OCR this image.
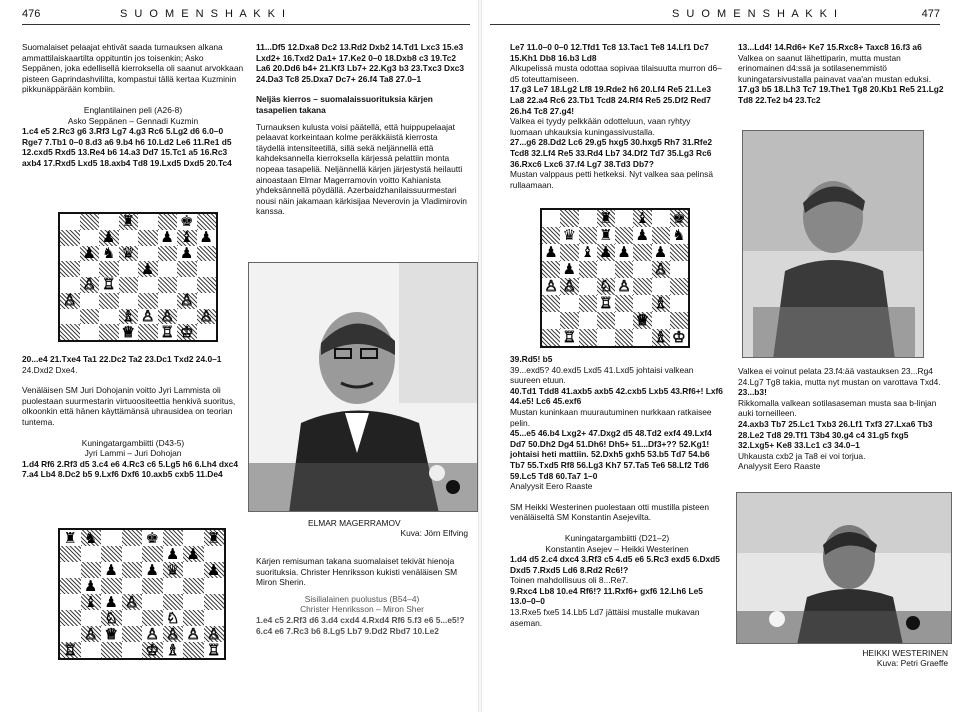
476	S U O M E N S H A K K I

Suomalaiset pelaajat ehtivät saada turnauksen alkana ammattilaiskaartilta oppituntin jos toisenkin; Asko Seppänen, joka edellisellä kierroksella oli saanut arvokkaan pisteen Gaprindashvililta, kompastui tällä kertaa Kuzminin pikkunäppärään kombiin.

Englantilainen peli (A26-8)

Asko Seppänen – Gennadi Kuzmin

1.c4 e5 2.Rc3 g6 3.Rf3 Lg7 4.g3 Rc6 5.Lg2 d6 6.0–0 Rge7 7.Tb1 0–0 8.d3 a6 9.b4 h6 10.Ld2 Le6 11.Re1 d5 12.cxd5 Rxd5 13.Re4 b6 14.a3 Dd7 15.Tc1 a5 16.Rc3 axb4 17.Rxd5 Lxd5 18.axb4 Td8 19.Lxd5 Dxd5 20.Tc4

♜	♚
♟	♟ ♝ ♟
♟ ♞ ♛	♟
♟
♙ ♖
♙	♙
♗ ♙ ♙ ♙
♕ ♖ ♔

20...e4 21.Txe4 Ta1 22.Dc2 Ta2 23.Dc1 Txd2 24.0–1

24.Dxd2 Dxe4.

Venäläisen SM Juri Dohojanin voitto Jyri Lammista oli puolestaan suurmestarin virtuoositeettia henkivä suoritus, olkoonkin että hänen käyttämänsä uhrausidea on teorian tuntema.

Kuningatargambiitti (D43-5)

Jyri Lammi – Juri Dohojan

1.d4 Rf6 2.Rf3 d5 3.c4 e6 4.Rc3 c6 5.Lg5 h6 6.Lh4 dxc4 7.a4 Lb4 8.Dc2 b5 9.Lxf6 Dxf6 10.axb5 cxb5 11.De4

♜ ♞	♚	♜
♟ ♟
♟ ♟ ♛ ♟
♟
♝ ♟ ♙
♘	♘
♙ ♕ ♙ ♙ ♙ ♙
♖	♔ ♗ ♖

11...Df5 12.Dxa8 Dc2 13.Rd2 Dxb2 14.Td1 Lxc3 15.e3 Lxd2+ 16.Txd2 Da1+ 17.Ke2 0–0 18.Dxb8 c3 19.Tc2 La6 20.Dd6 b4+ 21.Kf3 Lb7+ 22.Kg3 b3 23.Txc3 Dxc3 24.Da3 Tc8 25.Dxa7 Dc7+ 26.f4 Ta8 27.0–1

Neljäs kierros – suomalaissuorituksia kärjen tasapelien takana

Turnauksen kulusta voisi päätellä, että huippupelaajat pelaavat korkeintaan kolme peräkkäistä kierrosta täydellä intensiteetillä, sillä sekä neljännellä että kahdeksannella kierroksella kärjessä pelattiin monta nopeaa tasapeliä. Neljännellä kärjen järjestystä heilautti ainoastaan Elmar Magerramovin voitto Kahianista yhdeksännellä pöydällä. Azerbaidzhanilaissuurmestari nousi näin jakamaan kärkisijaa Neverovin ja Vladimirovin kanssa.

ELMAR MAGERRAMOV

Kuva: Jörn Elfving

Kärjen remisuman takana suomalaiset tekivät hienoja suorituksia. Christer Henriksson kukisti venäläisen SM Miron Sherin.

Sisilialainen puolustus (B54–4)

Christer Henriksson – Miron Sher

1.e4 c5 2.Rf3 d6 3.d4 cxd4 4.Rxd4 Rf6 5.f3 e6 5...e5!? 6.c4 e6 7.Rc3 b6 8.Lg5 Lb7 9.Dd2 Rbd7 10.Le2

S U O M E N S H A K K I	477

Le7 11.0–0 0–0 12.Tfd1 Tc8 13.Tac1 Te8 14.Lf1 Dc7 15.Kh1 Db8 16.b3 Ld8

Alkupelissä musta odottaa sopivaa tilaisuutta murron d6–d5 toteuttamiseen.

17.g3 Le7 18.Lg2 Lf8 19.Rde2 h6 20.Lf4 Re5 21.Le3 La8 22.a4 Rc6 23.Tb1 Tcd8 24.Rf4 Re5 25.Df2 Red7 26.h4 Tc8 27.g4!

Valkea ei tyydy pelkkään odotteluun, vaan ryhtyy luomaan uhkauksia kuningassivustalla.

27...g6 28.Dd2 Lc6 29.g5 hxg5 30.hxg5 Rh7 31.Rfe2 Tcd8 32.Lf4 Re5 33.Rd4 Lb7 34.Df2 Td7 35.Lg3 Rc6 36.Rxc6 Lxc6 37.f4 Lg7 38.Td3 Db7?

Mustan valppaus petti hetkeksi. Nyt valkea saa pelinsä rullaamaan.

♜ ♝ ♚
♛ ♜ ♟ ♞
♟ ♝ ♟ ♟ ♟
♟	♙
♙ ♙ ♘ ♙
♖	♗
♕
♖	♗ ♔

39.Rd5! b5

39...exd5? 40.exd5 Lxd5 41.Lxd5 johtaisi valkean suureen etuun.

40.Td1 Tdd8 41.axb5 axb5 42.cxb5 Lxb5 43.Rf6+! Lxf6 44.e5! Lc6 45.exf6

Mustan kuninkaan muurautuminen nurkkaan ratkaisee pelin.

45...e5 46.b4 Lxg2+ 47.Dxg2 d5 48.Td2 exf4 49.Lxf4 Dd7 50.Dh2 Dg4 51.Dh6! Dh5+ 51...Df3+?? 52.Kg1! johtaisi heti mattiin. 52.Dxh5 gxh5 53.b5 Td7 54.b6 Tb7 55.Txd5 Rf8 56.Lg3 Kh7 57.Ta5 Te6 58.Lf2 Td6 59.Lc5 Td8 60.Ta7 1–0

Analyysit Eero Raaste

SM Heikki Westerinen puolestaan otti mustilla pisteen venäläiseltä SM Konstantin Asejevilta.

Kuningatargambiitti (D21–2)

Konstantin Asejev – Heikki Westerinen

1.d4 d5 2.c4 dxc4 3.Rf3 c5 4.d5 e6 5.Rc3 exd5 6.Dxd5 Dxd5 7.Rxd5 Ld6 8.Rd2 Rc6!?

Toinen mahdollisuus oli 8...Re7.

9.Rxc4 Lb8 10.e4 Rf6!? 11.Rxf6+ gxf6 12.Lh6 Le5 13.0–0–0

13.Rxe5 fxe5 14.Lb5 Ld7 jättäisi mustalle mukavan aseman.

13...Ld4! 14.Rd6+ Ke7 15.Rxc8+ Taxc8 16.f3 a6

Valkea on saanut lähettiparin, mutta mustan erinomainen d4:ssä ja sotilasenemmistö kuningatarsivustalla painavat vaa'an mustan eduksi.

17.g3 b5 18.Lh3 Tc7 19.The1 Tg8 20.Kb1 Re5 21.Lg2 Td8 22.Te2 b4 23.Tc2

Valkea ei voinut pelata 23.f4:ää vastauksen 23...Rg4 24.Lg7 Tg8 takia, mutta nyt mustan on varottava Txd4.

23...b3!

Rikkomalla valkean sotilasaseman musta saa b-linjan auki torneilleen.

24.axb3 Tb7 25.Lc1 Txb3 26.Lf1 Txf3 27.Lxa6 Tb3 28.Le2 Td8 29.Tf1 T3b4 30.g4 c4 31.g5 fxg5 32.Lxg5+ Ke8 33.Lc1 c3 34.0–1

Uhkausta cxb2 ja Ta8 ei voi torjua.

Analyysit Eero Raaste

HEIKKI WESTERINEN

Kuva: Petri Graeffe
